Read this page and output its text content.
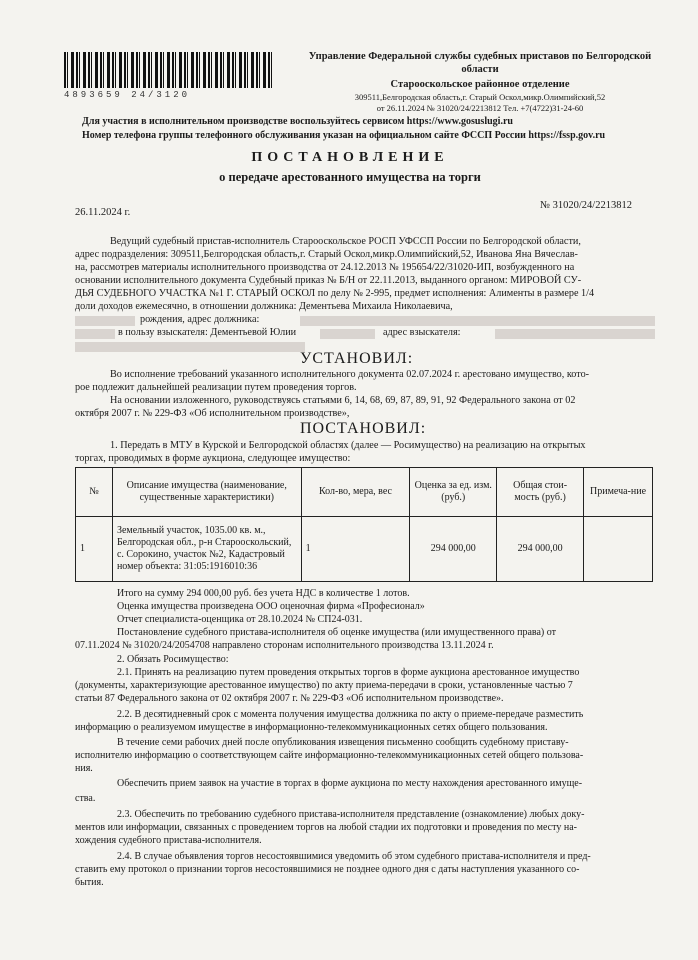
4893659 24/3120
Управление Федеральной службы судебных приставов по Белгородской области
Старооскольское районное отделение
309511,Белгородская область,г. Старый Оскол,микр.Олимпийский,52
от 26.11.2024 № 31020/24/2213812 Тел. +7(4722)31-24-60
Для участия в исполнительном производстве воспользуйтесь сервисом https://www.gosuslugi.ru
Номер телефона группы телефонного обслуживания указан на официальном сайте ФССП России https://fssp.gov.ru
ПОСТАНОВЛЕНИЕ
о передаче арестованного имущества на торги
26.11.2024 г.
№ 31020/24/2213812
Ведущий судебный пристав-исполнитель Старооскольское РОСП УФССП России по Белгородской области,
адрес подразделения: 309511,Белгородская область,г. Старый Оскол,микр.Олимпийский,52, Иванова Яна Вячеслав-
на, рассмотрев материалы исполнительного производства от 24.12.2013 № 195654/22/31020-ИП, возбужденного на
основании исполнительного документа Судебный приказ № Б/Н от 22.11.2013, выданного органом: МИРОВОЙ СУ-
ДЬЯ СУДЕБНОГО УЧАСТКА №1 Г. СТАРЫЙ ОСКОЛ по делу № 2-995, предмет исполнения: Алименты в размере 1/4
доли доходов ежемесячно, в отношении должника: Дементьева Михаила Николаевича,
рождения, адрес должника:
в пользу взыскателя: Дементьевой Юлии	адрес взыскателя:
УСТАНОВИЛ:
Во исполнение требований указанного исполнительного документа 02.07.2024 г. арестовано имущество, кото-
рое подлежит дальнейшей реализации путем проведения торгов.
На основании изложенного, руководствуясь статьями 6, 14, 68, 69, 87, 89, 91, 92 Федерального закона от 02
октября 2007 г. № 229-ФЗ «Об исполнительном производстве»,
ПОСТАНОВИЛ:
1. Передать в МТУ в Курской и Белгородской областях (далее — Росимущество) на реализацию на открытых
торгах, проводимых в форме аукциона, следующее имущество:
№	Описание имущества (наименование, существенные характеристики)	Кол-во, мера, вес	Оценка за ед. изм. (руб.)	Общая стои-мость (руб.)	Примеча-ние
1	Земельный участок, 1035.00 кв. м., Белгородская обл., р-н Старооскольский, с. Сорокино, участок №2, Кадастровый номер объекта: 31:05:1916010:36	1	294 000,00	294 000,00	
Итого на сумму 294 000,00 руб. без учета НДС в количестве 1 лотов.
Оценка имущества произведена ООО оценочная фирма «Професионал»
Отчет специалиста-оценщика от 28.10.2024 № СП24-031.
Постановление судебного пристава-исполнителя об оценке имущества (или имущественного права) от
07.11.2024 № 31020/24/2054708 направлено сторонам исполнительного производства 13.11.2024 г.
2. Обязать Росимущество:
2.1. Принять на реализацию путем проведения открытых торгов в форме аукциона арестованное имущество
(документы, характеризующие арестованное имущество) по акту приема-передачи в сроки, установленные частью 7
статьи 87 Федерального закона от 02 октября 2007 г. № 229-ФЗ «Об исполнительном производстве».
2.2. В десятидневный срок с момента получения имущества должника по акту о приеме-передаче разместить
информацию о реализуемом имуществе в информационно-телекоммуникационных сетях общего пользования.
В течение семи рабочих дней после опубликования извещения письменно сообщить судебному приставу-
исполнителю информацию о соответствующем сайте информационно-телекоммуникационных сетей общего пользова-
ния.
Обеспечить прием заявок на участие в торгах в форме аукциона по месту нахождения арестованного имуще-
ства.
2.3. Обеспечить по требованию судебного пристава-исполнителя представление (ознакомление) любых доку-
ментов или информации, связанных с проведением торгов на любой стадии их подготовки и проведения по месту на-
хождения судебного пристава-исполнителя.
2.4. В случае объявления торгов несостоявшимися уведомить об этом судебного пристава-исполнителя и пред-
ставить ему протокол о признании торгов несостоявшимися не позднее одного дня с даты наступления указанного со-
бытия.
